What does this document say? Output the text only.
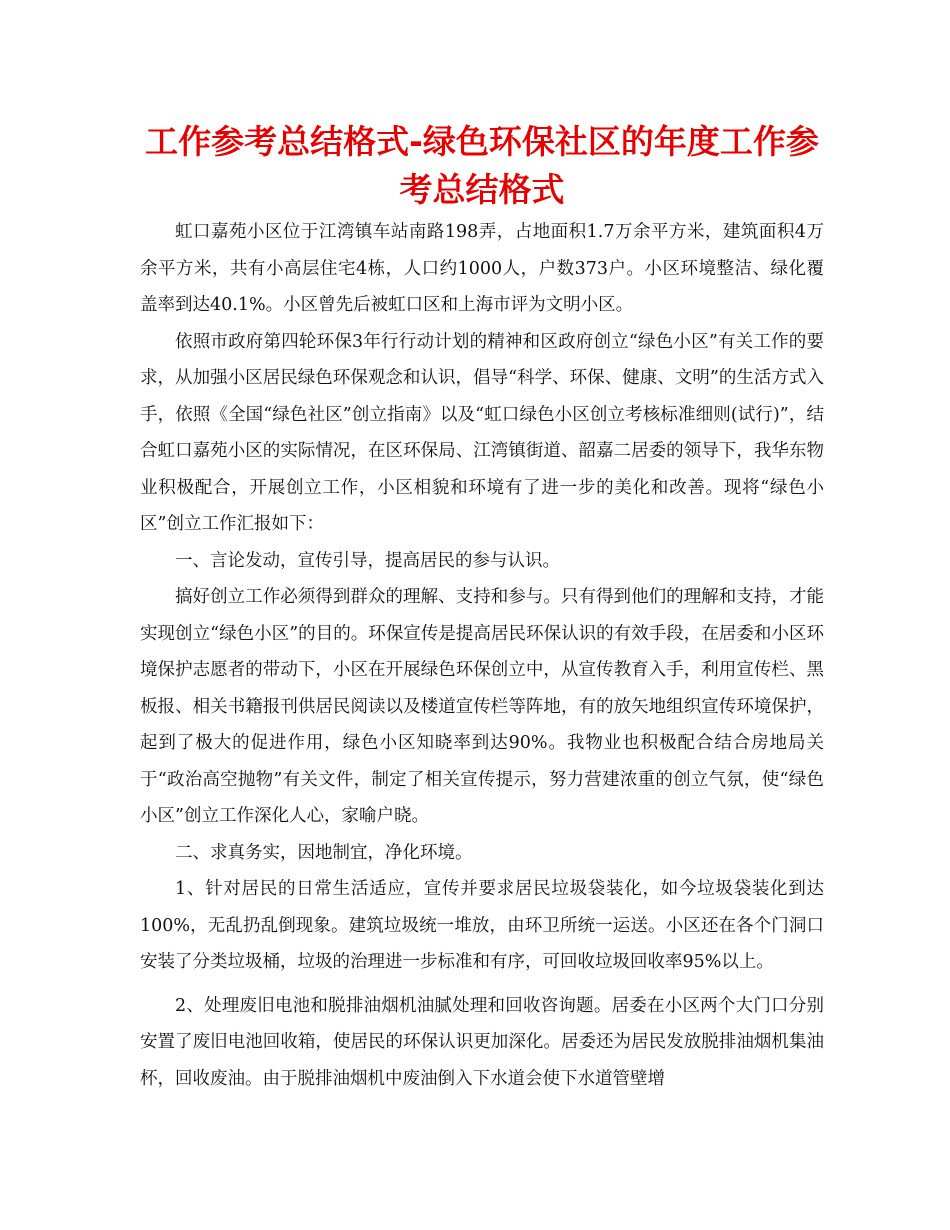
工作参考总结格式-绿色环保社区的年度工作参考总结格式

虹口嘉苑小区位于江湾镇车站南路198弄，占地面积1.7万余平方米，建筑面积4万余平方米，共有小高层住宅4栋，人口约1000人，户数373户。小区环境整洁、绿化覆盖率到达40.1%。小区曾先后被虹口区和上海市评为文明小区。

依照市政府第四轮环保3年行行动计划的精神和区政府创立“绿色小区”有关工作的要求，从加强小区居民绿色环保观念和认识，倡导“科学、环保、健康、文明”的生活方式入手，依照《全国“绿色社区”创立指南》以及“虹口绿色小区创立考核标准细则(试行)”，结合虹口嘉苑小区的实际情况，在区环保局、江湾镇街道、韶嘉二居委的领导下，我华东物业积极配合，开展创立工作，小区相貌和环境有了进一步的美化和改善。现将“绿色小区”创立工作汇报如下：

一、言论发动，宣传引导，提高居民的参与认识。

搞好创立工作必须得到群众的理解、支持和参与。只有得到他们的理解和支持，才能实现创立“绿色小区”的目的。环保宣传是提高居民环保认识的有效手段，在居委和小区环境保护志愿者的带动下，小区在开展绿色环保创立中，从宣传教育入手，利用宣传栏、黑板报、相关书籍报刊供居民阅读以及楼道宣传栏等阵地，有的放矢地组织宣传环境保护，起到了极大的促进作用，绿色小区知晓率到达90%。我物业也积极配合结合房地局关于“政治高空抛物”有关文件，制定了相关宣传提示，努力营建浓重的创立气氛，使“绿色小区”创立工作深化人心，家喻户晓。

二、求真务实，因地制宜，净化环境。

1、针对居民的日常生活适应，宣传并要求居民垃圾袋装化，如今垃圾袋装化到达100%，无乱扔乱倒现象。建筑垃圾统一堆放，由环卫所统一运送。小区还在各个门洞口安装了分类垃圾桶，垃圾的治理进一步标准和有序，可回收垃圾回收率95%以上。

2、处理废旧电池和脱排油烟机油腻处理和回收咨询题。居委在小区两个大门口分别安置了废旧电池回收箱，使居民的环保认识更加深化。居委还为居民发放脱排油烟机集油杯，回收废油。由于脱排油烟机中废油倒入下水道会使下水道管壁增
